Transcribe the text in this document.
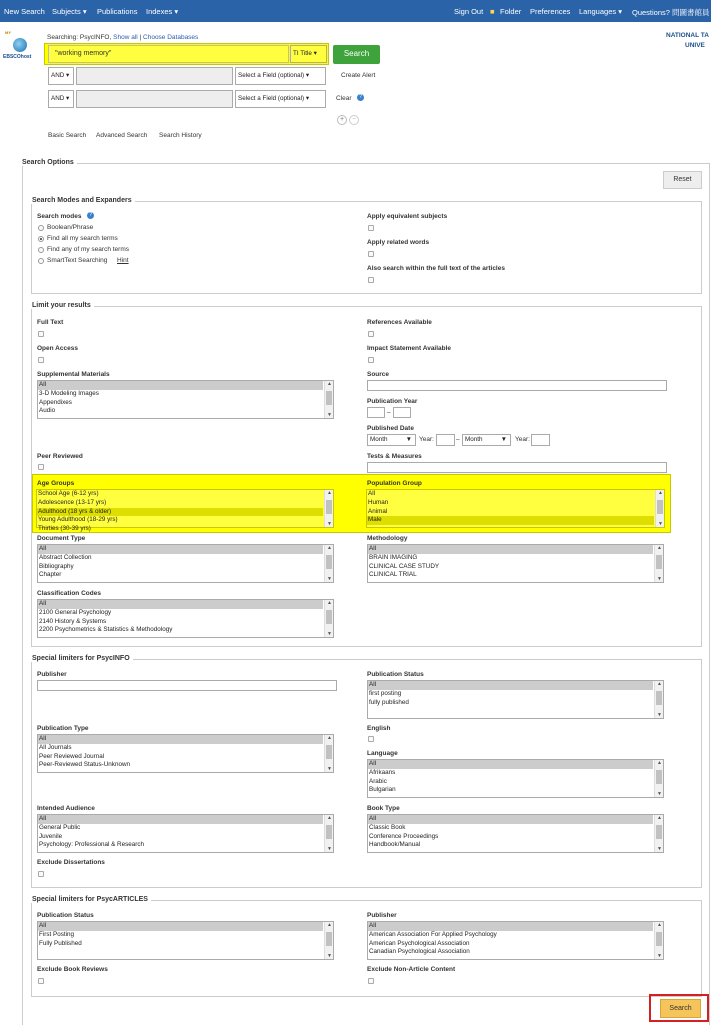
New Search Subjects ▾ Publications Indexes ▾	Sign Out ■ Folder Preferences Languages ▾ Questions? 問圖書館員
MY
EBSCOhost
Searching: PsycINFO, Show all | Choose Databases	NATIONAL TA
UNIVE
"working memory"	TI Title ▾	Search
AND ▾	Select a Field (optional) ▾	Create Alert
AND ▾	Select a Field (optional) ▾	Clear	?
+	−
Basic Search Advanced Search Search History
Search Options
Reset
Search Modes and Expanders
Search modes	?
Boolean/Phrase
Find all my search terms
Find any of my search terms
SmartText Searching Hint
Apply equivalent subjects
Apply related words
Also search within the full text of the articles
Limit your results
Full Text	References Available
Open Access	Impact Statement Available
Supplemental Materials
All
3-D Modeling Images
Appendixes
Audio
▲
▼
Source
Publication Year
–
Published Date
Month	▼ Year:	– Month	▼ Year:
Peer Reviewed	Tests & Measures
Age Groups
School Age (6-12 yrs)
Adolescence (13-17 yrs)
Adulthood (18 yrs & older)
Young Adulthood (18-29 yrs)
Thirties (30-39 yrs)
▲
▼
Population Group
All
Human
Animal
Male
▲
▼
Document Type
All
Abstract Collection
Bibliography
Chapter
▲
▼
Methodology
All
BRAIN IMAGING
CLINICAL CASE STUDY
CLINICAL TRIAL
▲
▼
Classification Codes
All
2100 General Psychology
2140 History & Systems
2200 Psychometrics & Statistics & Methodology
▲
▼
Special limiters for PsycINFO
Publisher	Publication Status
All
first posting
fully published
▲
▼
Publication Type
All
All Journals
Peer Reviewed Journal
Peer-Reviewed Status-Unknown
▲
▼
English
Language
All
Afrikaans
Arabic
Bulgarian
▲
▼
Intended Audience
All
General Public
Juvenile
Psychology: Professional & Research
▲
▼
Book Type
All
Classic Book
Conference Proceedings
Handbook/Manual
▲
▼
Exclude Dissertations
Special limiters for PsycARTICLES
Publication Status
All
First Posting
Fully Published
▲
▼
Publisher
All
American Association For Applied Psychology
American Psychological Association
Canadian Psychological Association
▲
▼
Exclude Book Reviews	Exclude Non-Article Content
Search
